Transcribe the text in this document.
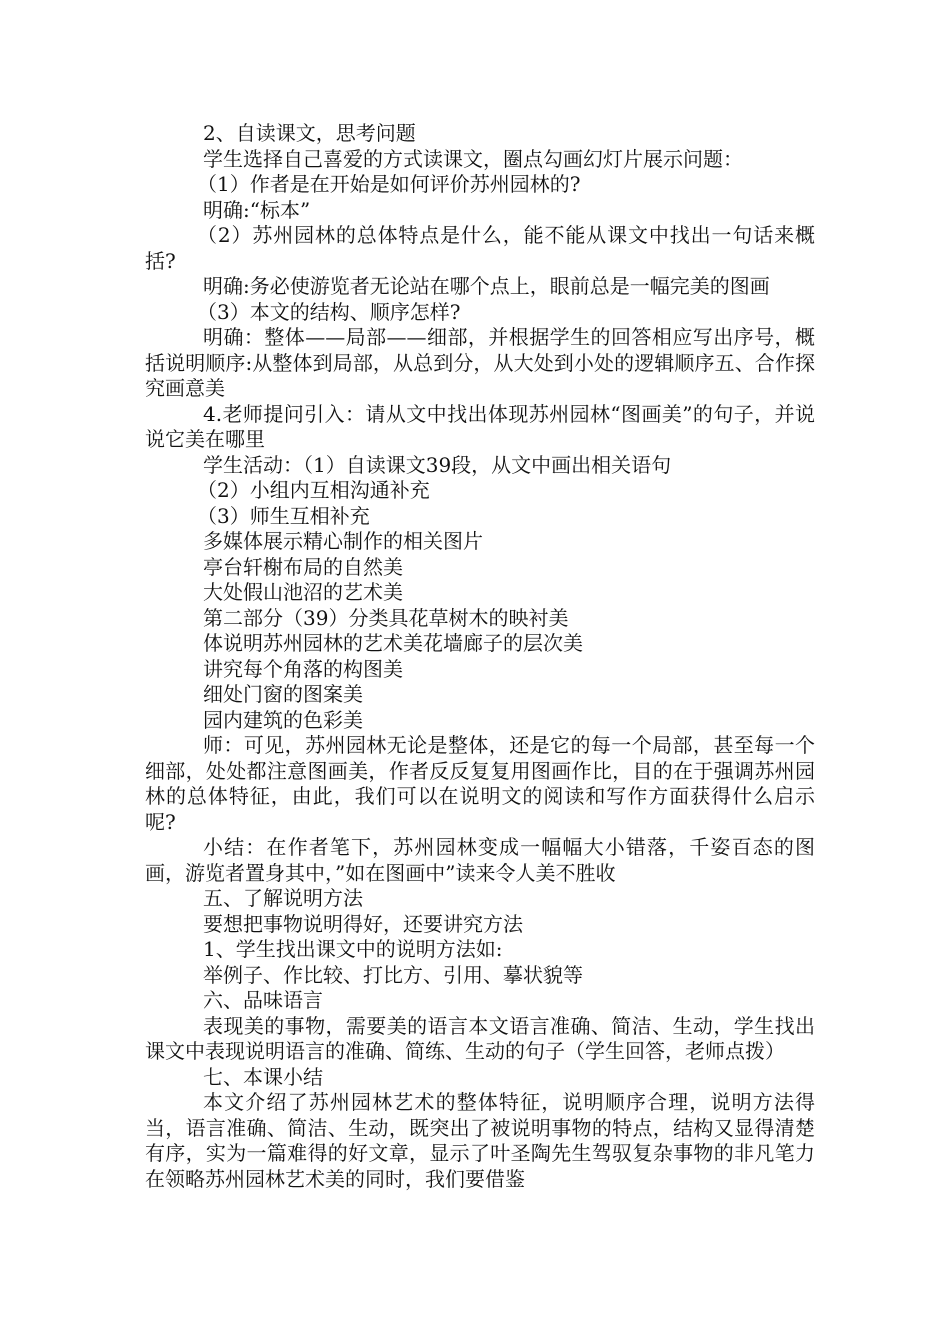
2、自读课文，思考问题

学生选择自己喜爱的方式读课文，圈点勾画幻灯片展示问题：

（1）作者是在开始是如何评价苏州园林的?

明确:“标本”

（2）苏州园林的总体特点是什么，能不能从课文中找出一句话来概括?

明确:务必使游览者无论站在哪个点上，眼前总是一幅完美的图画

（3）本文的结构、顺序怎样?

明确：整体——局部——细部，并根据学生的回答相应写出序号，概括说明顺序:从整体到局部，从总到分，从大处到小处的逻辑顺序五、合作探究画意美

4.老师提问引入：请从文中找出体现苏州园林“图画美”的句子，并说说它美在哪里

学生活动：（1）自读课文39段，从文中画出相关语句

（2）小组内互相沟通补充

（3）师生互相补充

多媒体展示精心制作的相关图片

亭台轩榭布局的自然美

大处假山池沼的艺术美

第二部分（39）分类具花草树木的映衬美

体说明苏州园林的艺术美花墙廊子的层次美

讲究每个角落的构图美

细处门窗的图案美

园内建筑的色彩美

师：可见，苏州园林无论是整体，还是它的每一个局部，甚至每一个细部，处处都注意图画美，作者反反复复用图画作比，目的在于强调苏州园林的总体特征，由此，我们可以在说明文的阅读和写作方面获得什么启示呢?

小结：在作者笔下，苏州园林变成一幅幅大小错落，千姿百态的图画，游览者置身其中，”如在图画中”读来令人美不胜收

五、了解说明方法

要想把事物说明得好，还要讲究方法

1、学生找出课文中的说明方法如:

举例子、作比较、打比方、引用、摹状貌等

六、品味语言

表现美的事物，需要美的语言本文语言准确、简洁、生动，学生找出课文中表现说明语言的准确、简练、生动的句子（学生回答，老师点拨）

七、本课小结

本文介绍了苏州园林艺术的整体特征，说明顺序合理，说明方法得当，语言准确、简洁、生动，既突出了被说明事物的特点，结构又显得清楚有序，实为一篇难得的好文章，显示了叶圣陶先生驾驭复杂事物的非凡笔力在领略苏州园林艺术美的同时，我们要借鉴
